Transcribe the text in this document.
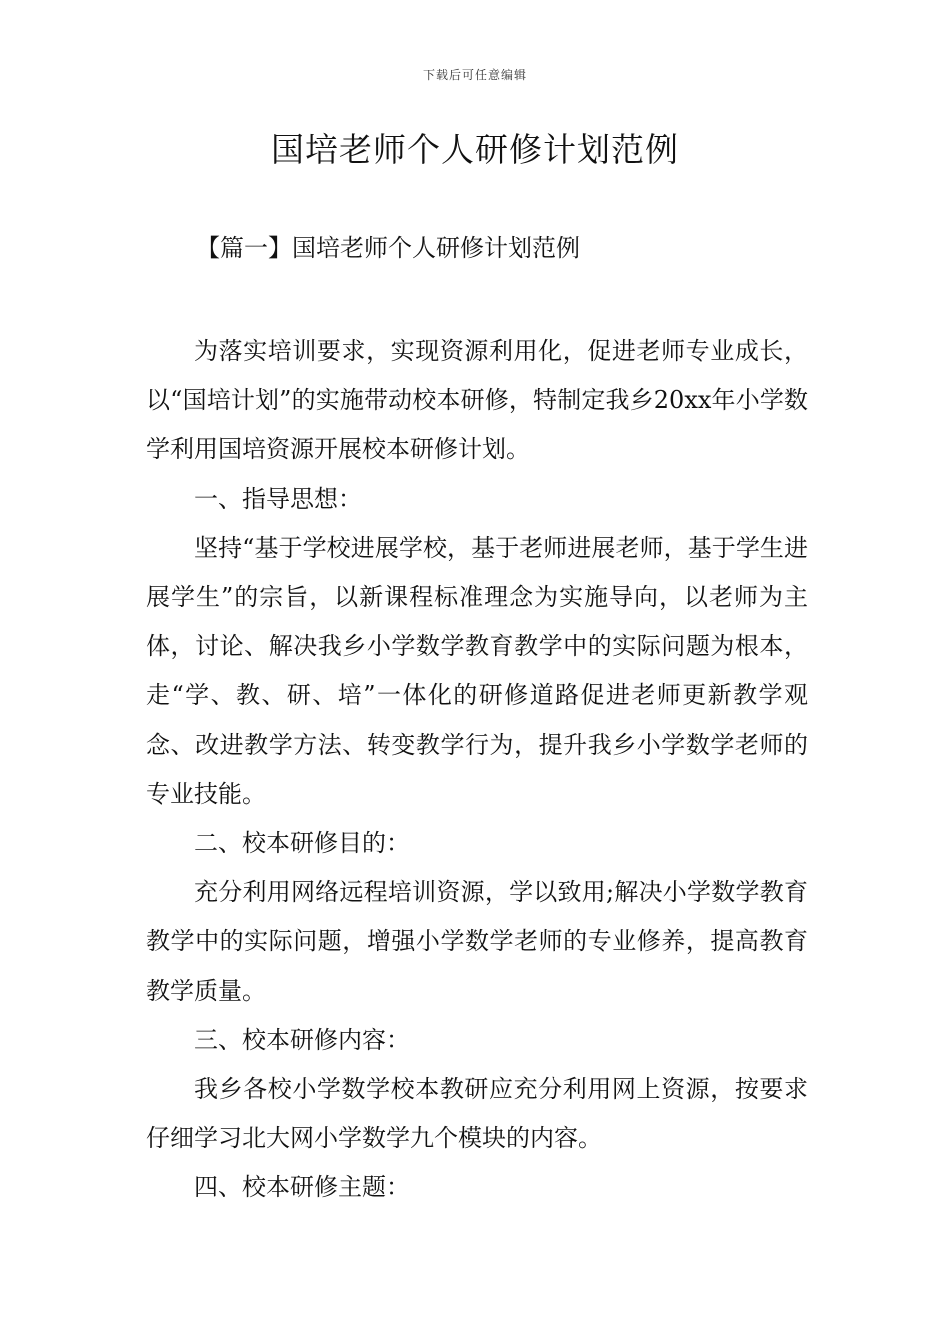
下载后可任意编辑
国培老师个人研修计划范例
【篇一】国培老师个人研修计划范例

为落实培训要求，实现资源利用化，促进老师专业成长，以“国培计划”的实施带动校本研修，特制定我乡20xx年小学数学利用国培资源开展校本研修计划。

一、指导思想：

坚持“基于学校进展学校，基于老师进展老师，基于学生进展学生”的宗旨，以新课程标准理念为实施导向，以老师为主体，讨论、解决我乡小学数学教育教学中的实际问题为根本，走“学、教、研、培”一体化的研修道路促进老师更新教学观念、改进教学方法、转变教学行为，提升我乡小学数学老师的专业技能。

二、校本研修目的：

充分利用网络远程培训资源，学以致用;解决小学数学教育教学中的实际问题，增强小学数学老师的专业修养，提高教育教学质量。

三、校本研修内容：

我乡各校小学数学校本教研应充分利用网上资源，按要求仔细学习北大网小学数学九个模块的内容。

四、校本研修主题：
